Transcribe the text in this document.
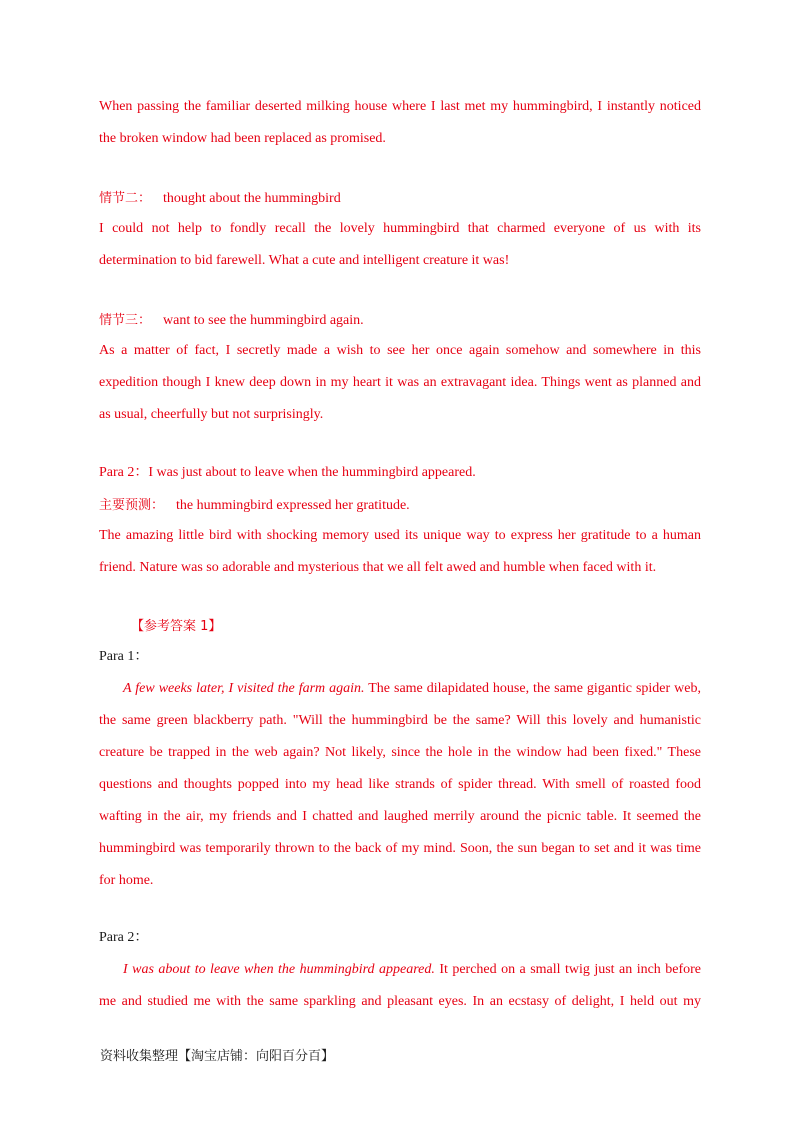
When passing the familiar deserted milking house where I last met my hummingbird, I instantly noticed

the broken window had been replaced as promised.

情节二： thought about the hummingbird

I could not help to fondly recall the lovely hummingbird that charmed everyone of us with its determination to bid farewell. What a cute and intelligent creature it was!

情节三： want to see the hummingbird again.

As a matter of fact, I secretly made a wish to see her once again somehow and somewhere in this expedition though I knew deep down in my heart it was an extravagant idea. Things went as planned and as usual, cheerfully but not surprisingly.

Para 2：I was just about to leave when the hummingbird appeared.

主要预测： the hummingbird expressed her gratitude.

The amazing little bird with shocking memory used its unique way to express her gratitude to a human friend. Nature was so adorable and mysterious that we all felt awed and humble when faced with it.

【参考答案 1】

Para 1：

A few weeks later, I visited the farm again. The same dilapidated house, the same gigantic spider web, the same green blackberry path. "Will the hummingbird be the same? Will this lovely and humanistic creature be trapped in the web again? Not likely, since the hole in the window had been fixed." These questions and thoughts popped into my head like strands of spider thread. With smell of roasted food wafting in the air, my friends and I chatted and laughed merrily around the picnic table. It seemed the hummingbird was temporarily thrown to the back of my mind. Soon, the sun began to set and it was time for home.

Para 2：

I was about to leave when the hummingbird appeared. It perched on a small twig just an inch before me and studied me with the same sparkling and pleasant eyes. In an ecstasy of delight, I held out my

资料收集整理【淘宝店铺：向阳百分百】
